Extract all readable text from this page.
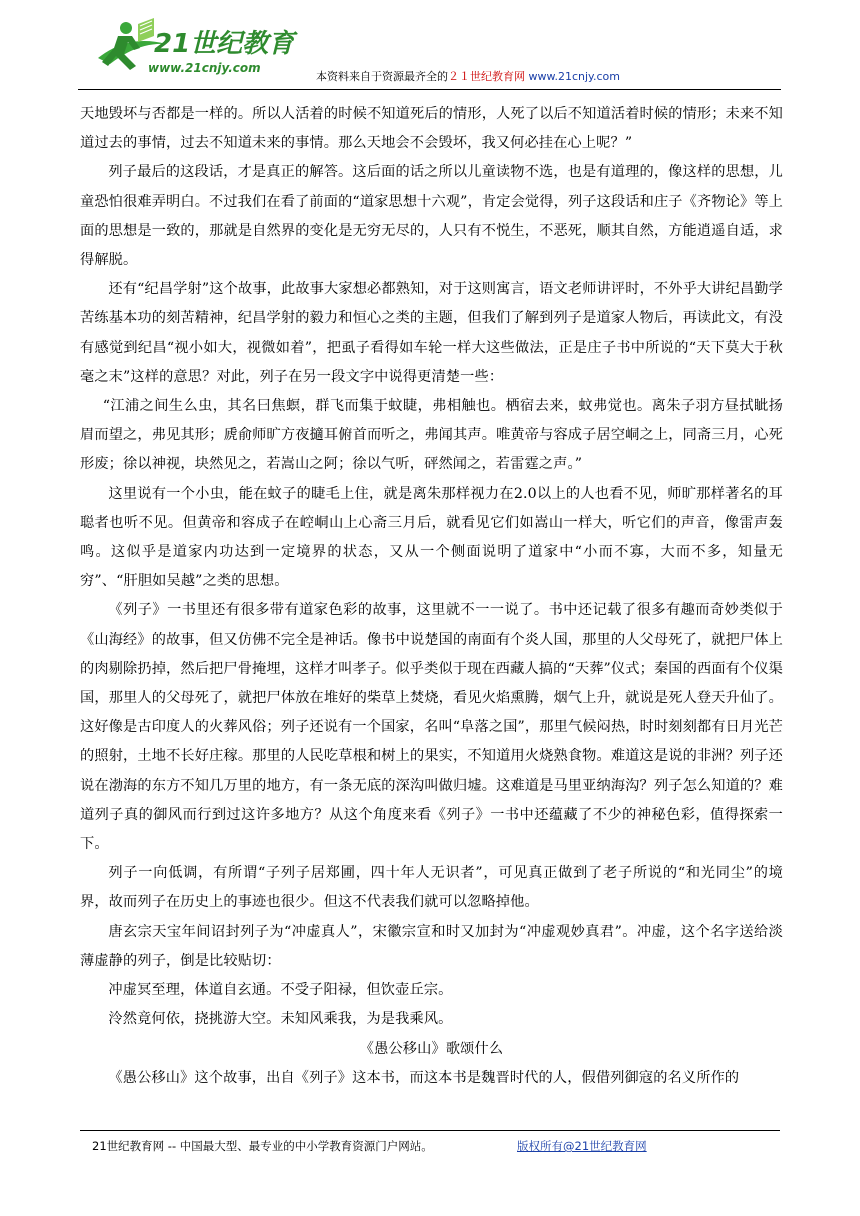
21世纪教育
www.21cnjy.com
本资料来自于资源最齐全的２１世纪教育网 www.21cnjy.com

天地毁坏与否都是一样的。所以人活着的时候不知道死后的情形，人死了以后不知道活着时候的情形；未来不知道过去的事情，过去不知道未来的事情。那么天地会不会毁坏，我又何必挂在心上呢？”

列子最后的这段话，才是真正的解答。这后面的话之所以儿童读物不选，也是有道理的，像这样的思想，儿童恐怕很难弄明白。不过我们在看了前面的“道家思想十六观”，肯定会觉得，列子这段话和庄子《齐物论》等上面的思想是一致的，那就是自然界的变化是无穷无尽的，人只有不悦生，不恶死，顺其自然，方能逍遥自适，求得解脱。

还有“纪昌学射”这个故事，此故事大家想必都熟知，对于这则寓言，语文老师讲评时，不外乎大讲纪昌勤学苦练基本功的刻苦精神，纪昌学射的毅力和恒心之类的主题，但我们了解到列子是道家人物后，再读此文，有没有感觉到纪昌“视小如大，视微如着”，把虱子看得如车轮一样大这些做法，正是庄子书中所说的“天下莫大于秋毫之末”这样的意思？对此，列子在另一段文字中说得更清楚一些：

“江浦之间生么虫，其名曰焦螟，群飞而集于蚊睫，弗相触也。栖宿去来，蚊弗觉也。离朱子羽方昼拭眦扬眉而望之，弗见其形；虒俞师旷方夜擿耳俯首而听之，弗闻其声。唯黄帝与容成子居空峒之上，同斋三月，心死形废；徐以神视，块然见之，若嵩山之阿；徐以气听，砰然闻之，若雷霆之声。”

这里说有一个小虫，能在蚊子的睫毛上住，就是离朱那样视力在2.0以上的人也看不见，师旷那样著名的耳聪者也听不见。但黄帝和容成子在崆峒山上心斋三月后，就看见它们如嵩山一样大，听它们的声音，像雷声轰鸣。这似乎是道家内功达到一定境界的状态，又从一个侧面说明了道家中“小而不寡，大而不多，知量无穷”、“肝胆如吴越”之类的思想。

《列子》一书里还有很多带有道家色彩的故事，这里就不一一说了。书中还记载了很多有趣而奇妙类似于《山海经》的故事，但又仿佛不完全是神话。像书中说楚国的南面有个炎人国，那里的人父母死了，就把尸体上的肉剔除扔掉，然后把尸骨掩埋，这样才叫孝子。似乎类似于现在西藏人搞的“天葬”仪式；秦国的西面有个仪渠国，那里人的父母死了，就把尸体放在堆好的柴草上焚烧，看见火焰熏腾，烟气上升，就说是死人登天升仙了。这好像是古印度人的火葬风俗；列子还说有一个国家，名叫“阜落之国”，那里气候闷热，时时刻刻都有日月光芒的照射，土地不长好庄稼。那里的人民吃草根和树上的果实，不知道用火烧熟食物。难道这是说的非洲？列子还说在渤海的东方不知几万里的地方，有一条无底的深沟叫做归墟。这难道是马里亚纳海沟？列子怎么知道的？难道列子真的御风而行到过这许多地方？从这个角度来看《列子》一书中还蕴藏了不少的神秘色彩，值得探索一下。

列子一向低调，有所谓“子列子居郑圃，四十年人无识者”，可见真正做到了老子所说的“和光同尘”的境界，故而列子在历史上的事迹也很少。但这不代表我们就可以忽略掉他。

唐玄宗天宝年间诏封列子为“冲虚真人”，宋徽宗宣和时又加封为“冲虚观妙真君”。冲虚，这个名字送给淡薄虚静的列子，倒是比较贴切：

冲虚冥至理，体道自玄通。不受子阳禄，但饮壶丘宗。

泠然竟何依，挠挑游大空。未知风乘我，为是我乘风。

《愚公移山》歌颂什么

《愚公移山》这个故事，出自《列子》这本书，而这本书是魏晋时代的人，假借列御寇的名义所作的

21世纪教育网 -- 中国最大型、最专业的中小学教育资源门户网站。	版权所有@21世纪教育网
